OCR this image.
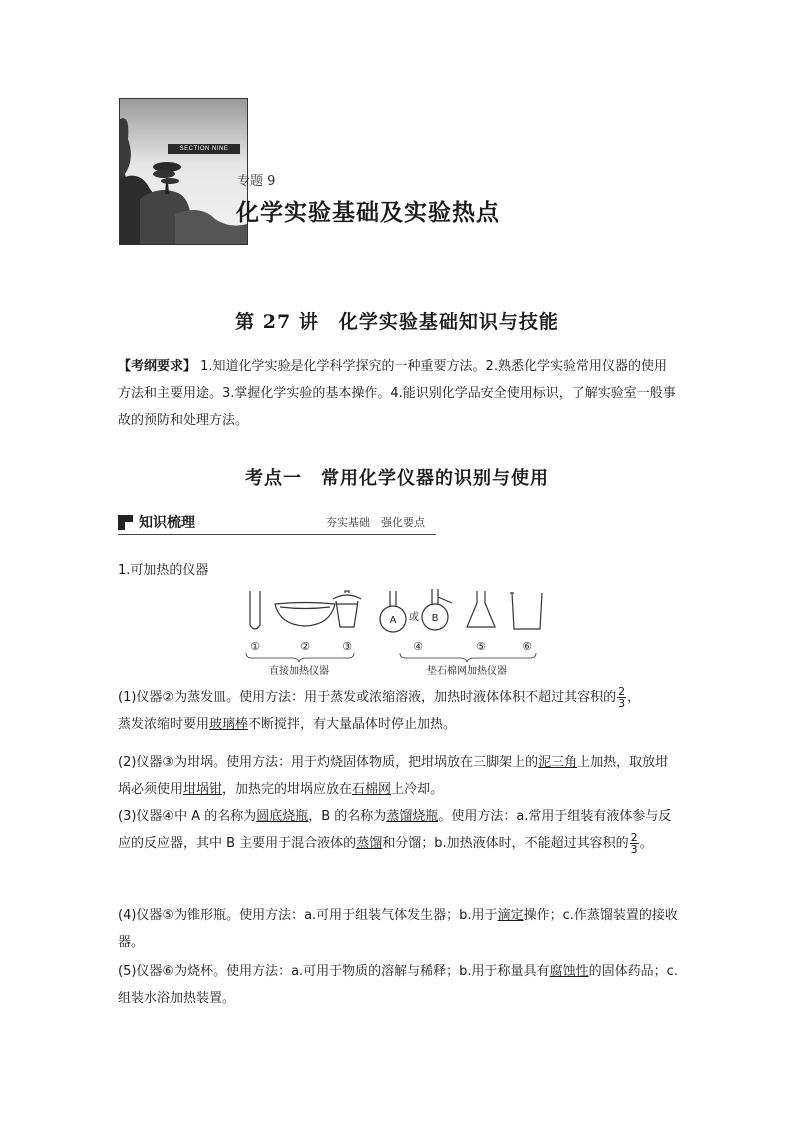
SECTION NINE
专题 9
化学实验基础及实验热点
第 27 讲　化学实验基础知识与技能
【考纲要求】 1.知道化学实验是化学科学探究的一种重要方法。2.熟悉化学实验常用仪器的使用方法和主要用途。3.掌握化学实验的基本操作。4.能识别化学品安全使用标识，了解实验室一般事故的预防和处理方法。
考点一　常用化学仪器的识别与使用
知识梳理	夯实基础　强化要点
1.可加热的仪器
A	B
或
①	②	③	④	⑤	⑥
直接加热仪器	垫石棉网加热仪器
(1)仪器②为蒸发皿。使用方法：用于蒸发或浓缩溶液，加热时液体体积不超过其容积的 $\frac{2}{3}$ ，
蒸发浓缩时要用玻璃棒不断搅拌，有大量晶体时停止加热。
(2)仪器③为坩埚。使用方法：用于灼烧固体物质，把坩埚放在三脚架上的泥三角上加热，取放坩埚必须使用坩埚钳，加热完的坩埚应放在石棉网上冷却。
(3)仪器④中 A 的名称为圆底烧瓶，B 的名称为蒸馏烧瓶。使用方法：a.常用于组装有液体参与反应的反应器，其中 B 主要用于混合液体的蒸馏和分馏；b.加热液体时，不能超过其容积的 $\frac{2}{3}$ 。
(4)仪器⑤为锥形瓶。使用方法：a.可用于组装气体发生器；b.用于滴定操作；c.作蒸馏装置的接收器。
(5)仪器⑥为烧杯。使用方法：a.可用于物质的溶解与稀释；b.用于称量具有腐蚀性的固体药品；c.组装水浴加热装置。
